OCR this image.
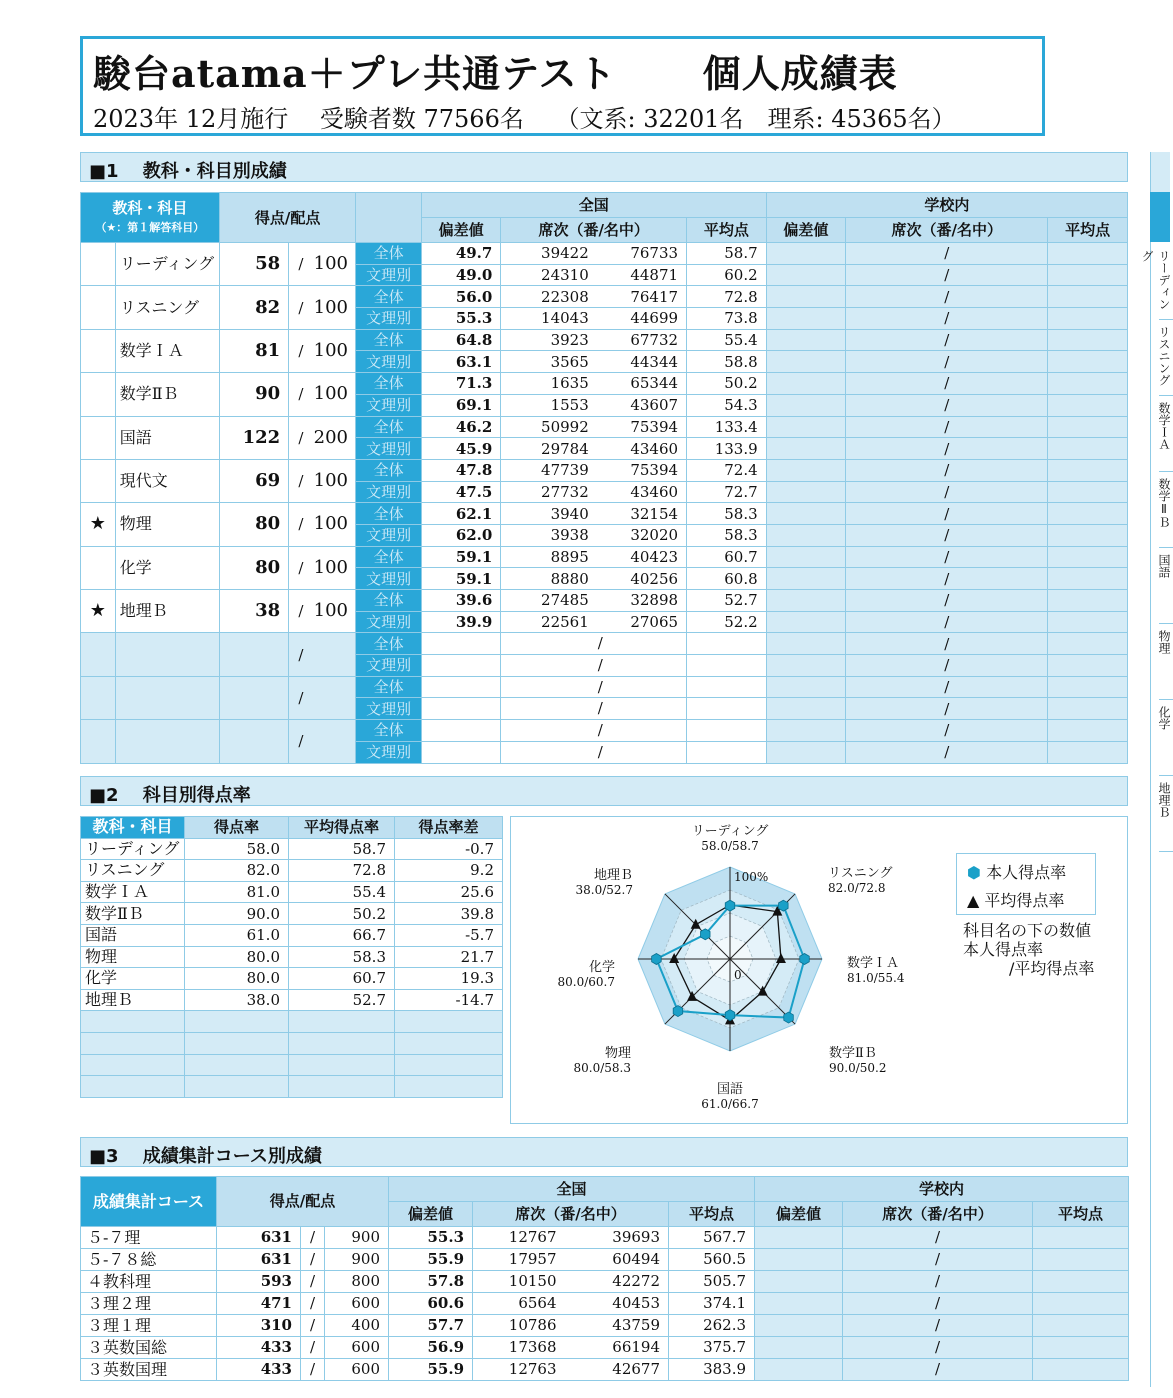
駿台atama＋プレ共通テスト 個人成績表
2023年 12月施行　 受験者数 77566名　 （文系: 32201名　理系: 45365名）
リーディング
リスニング
数学ＩＡ
数学ⅡＢ
国語
物理
化学
地理Ｂ
■1　 教科・科目別成績
教科・科目
（★：第１解答科目）		得点/配点				全国				学校内		
						偏差値	席次（番/名中）		平均点	偏差値	席次（番/名中）	平均点
	リーディング	58	/	100	全体	49.7	39422	76733	58.7		/	
					文理別	49.0	24310	44871	60.2		/	
	リスニング	82	/	100	全体	56.0	22308	76417	72.8		/	
					文理別	55.3	14043	44699	73.8		/	
	数学ＩＡ	81	/	100	全体	64.8	3923	67732	55.4		/	
					文理別	63.1	3565	44344	58.8		/	
	数学ⅡＢ	90	/	100	全体	71.3	1635	65344	50.2		/	
					文理別	69.1	1553	43607	54.3		/	
	国語	122	/	200	全体	46.2	50992	75394	133.4		/	
					文理別	45.9	29784	43460	133.9		/	
	現代文	69	/	100	全体	47.8	47739	75394	72.4		/	
					文理別	47.5	27732	43460	72.7		/	
★	物理	80	/	100	全体	62.1	3940	32154	58.3		/	
					文理別	62.0	3938	32020	58.3		/	
	化学	80	/	100	全体	59.1	8895	40423	60.7		/	
					文理別	59.1	8880	40256	60.8		/	
★	地理Ｂ	38	/	100	全体	39.6	27485	32898	52.7		/	
					文理別	39.9	22561	27065	52.2		/	
			/		全体		/				/	
					文理別		/				/	
			/		全体		/				/	
					文理別		/				/	
			/		全体		/				/	
					文理別		/				/	
■2　 科目別得点率
教科・科目	得点率	平均得点率	得点率差
リーディング	58.0	58.7	-0.7
リスニング	82.0	72.8	9.2
数学ＩＡ	81.0	55.4	25.6
数学ⅡＢ	90.0	50.2	39.8
国語	61.0	66.7	-5.7
物理	80.0	58.3	21.7
化学	80.0	60.7	19.3
地理Ｂ	38.0	52.7	-14.7

100%
0
リーディング
58.0/58.7
リスニング
82.0/72.8
数学ＩＡ
81.0/55.4
数学ⅡＢ
90.0/50.2
国語
61.0/66.7
物理
80.0/58.3
化学
80.0/60.7
地理Ｂ
38.0/52.7
⬢ 本人得点率
▲ 平均得点率
科目名の下の数値
本人得点率
/平均得点率
■3　 成績集計コース別成績
成績集計コース	得点/配点			全国				学校内		
				偏差値	席次（番/名中）		平均点	偏差値	席次（番/名中）	平均点
５-７理	631	/	900	55.3	12767	39693	567.7		/	
５-７８総	631	/	900	55.9	17957	60494	560.5		/	
４教科理	593	/	800	57.8	10150	42272	505.7		/	
３理２理	471	/	600	60.6	6564	40453	374.1		/	
３理１理	310	/	400	57.7	10786	43759	262.3		/	
３英数国総	433	/	600	56.9	17368	66194	375.7		/	
３英数国理	433	/	600	55.9	12763	42677	383.9		/	
